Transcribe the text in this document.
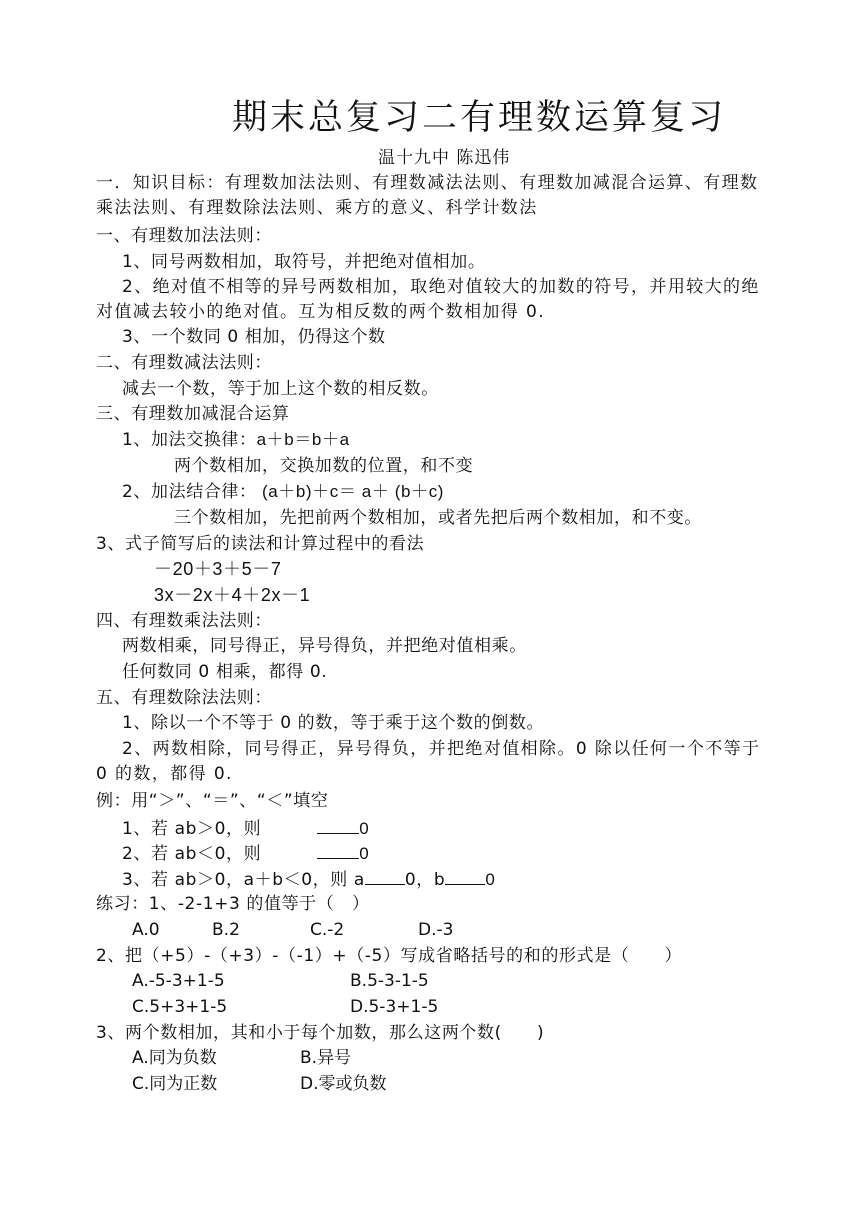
期末总复习二有理数运算复习
温十九中 陈迅伟
一．知识目标：有理数加法法则、有理数减法法则、有理数加减混合运算、有理数乘法法则、有理数除法法则、乘方的意义、科学计数法
一、有理数加法法则：
1、同号两数相加，取符号，并把绝对值相加。
2、绝对值不相等的异号两数相加，取绝对值较大的加数的符号，并用较大的绝对值减去较小的绝对值。互为相反数的两个数相加得 0.
3、一个数同 0 相加，仍得这个数
二、有理数减法法则：
减去一个数，等于加上这个数的相反数。
三、有理数加减混合运算
1、加法交换律：a＋b＝b＋a
两个数相加，交换加数的位置，和不变
2、加法结合律： (a＋b)＋c＝ a＋ (b＋c)
三个数相加，先把前两个数相加，或者先把后两个数相加，和不变。
3、式子简写后的读法和计算过程中的看法
－20＋3＋5－7
3x－2x＋4＋2x－1
四、有理数乘法法则：
两数相乘，同号得正，异号得负，并把绝对值相乘。
任何数同 0 相乘，都得 0.
五、有理数除法法则：
1、除以一个不等于 0 的数，等于乘于这个数的倒数。
2、两数相除，同号得正，异号得负，并把绝对值相除。0 除以任何一个不等于 0 的数，都得 0.
例：用“＞”、“＝”、“＜”填空
1、若 ab＞0，则	0
2、若 ab＜0，则	0
3、若 ab＞0，a＋b＜0，则 a 0，b 0
练习：1、-2-1+3 的值等于（　）
A.0	B.2	C.-2	D.-3
2、把（+5）-（+3）-（-1）+（-5）写成省略括号的和的形式是（　　）
A.-5-3+1-5	B.5-3-1-5
C.5+3+1-5	D.5-3+1-5
3、两个数相加，其和小于每个加数，那么这两个数(　　)
A.同为负数	B.异号
C.同为正数	D.零或负数
